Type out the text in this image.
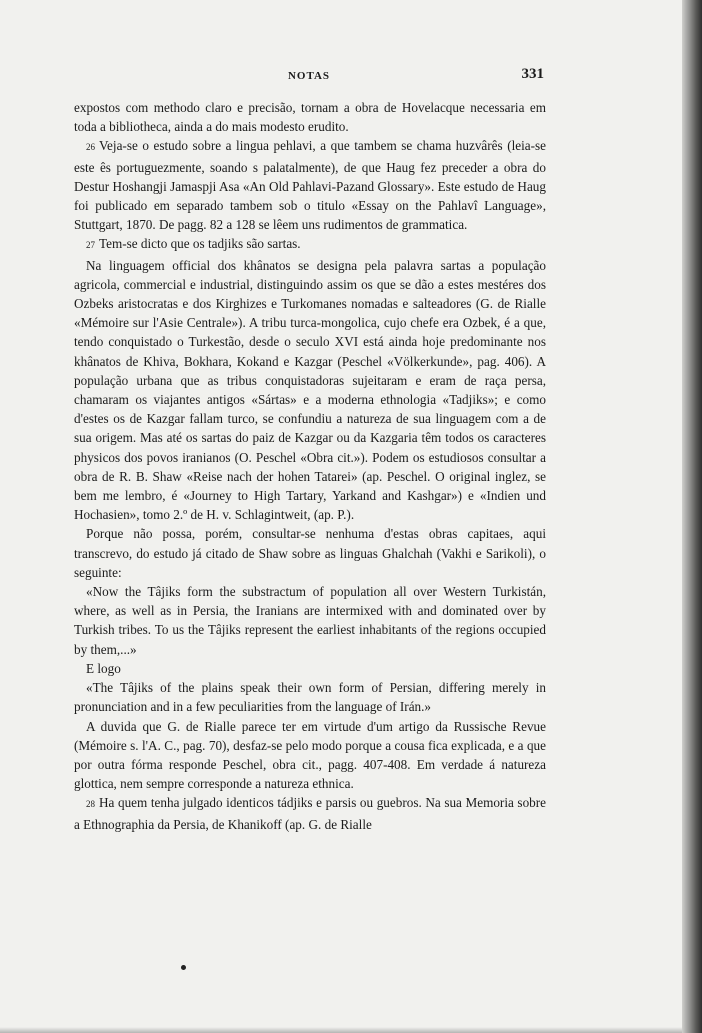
NOTAS	331

expostos com methodo claro e precisão, tornam a obra de Hovelacque necessaria em toda a bibliotheca, ainda a do mais modesto erudito.

26 Veja-se o estudo sobre a lingua pehlavi, a que tambem se chama huzvârês (leia-se este ês portuguezmente, soando s palatalmente), de que Haug fez preceder a obra do Destur Hoshangji Jamaspji Asa «An Old Pahlavi-Pazand Glossary». Este estudo de Haug foi publicado em separado tambem sob o titulo «Essay on the Pahlavî Language», Stuttgart, 1870. De pagg. 82 a 128 se lêem uns rudimentos de grammatica.

27 Tem-se dicto que os tadjiks são sartas.

Na linguagem official dos khânatos se designa pela palavra sartas a população agricola, commercial e industrial, distinguindo assim os que se dão a estes mestéres dos Ozbeks aristocratas e dos Kirghizes e Turkomanes nomadas e salteadores (G. de Rialle «Mémoire sur l'Asie Centrale»). A tribu turca-mongolica, cujo chefe era Ozbek, é a que, tendo conquistado o Turkestão, desde o seculo XVI está ainda hoje predominante nos khânatos de Khiva, Bokhara, Kokand e Kazgar (Peschel «Völkerkunde», pag. 406). A população urbana que as tribus conquistadoras sujeitaram e eram de raça persa, chamaram os viajantes antigos «Sártas» e a moderna ethnologia «Tadjiks»; e como d'estes os de Kazgar fallam turco, se confundiu a natureza de sua linguagem com a de sua origem. Mas até os sartas do paiz de Kazgar ou da Kazgaria têm todos os caracteres physicos dos povos iranianos (O. Peschel «Obra cit.»). Podem os estudiosos consultar a obra de R. B. Shaw «Reise nach der hohen Tatarei» (ap. Peschel. O original inglez, se bem me lembro, é «Journey to High Tartary, Yarkand and Kashgar») e «Indien und Hochasien», tomo 2.º de H. v. Schlagintweit, (ap. P.).

Porque não possa, porém, consultar-se nenhuma d'estas obras capitaes, aqui transcrevo, do estudo já citado de Shaw sobre as linguas Ghalchah (Vakhi e Sarikoli), o seguinte:

«Now the Tâjiks form the substractum of population all over Western Turkistán, where, as well as in Persia, the Iranians are intermixed with and dominated over by Turkish tribes. To us the Tâjiks represent the earliest inhabitants of the regions occupied by them,...»

E logo

«The Tâjiks of the plains speak their own form of Persian, differing merely in pronunciation and in a few peculiarities from the language of Irán.»

A duvida que G. de Rialle parece ter em virtude d'um artigo da Russische Revue (Mémoire s. l'A. C., pag. 70), desfaz-se pelo modo porque a cousa fica explicada, e a que por outra fórma responde Peschel, obra cit., pagg. 407-408. Em verdade á natureza glottica, nem sempre corresponde a natureza ethnica.

28 Ha quem tenha julgado identicos tádjiks e parsis ou guebros. Na sua Memoria sobre a Ethnographia da Persia, de Khanikoff (ap. G. de Rialle
